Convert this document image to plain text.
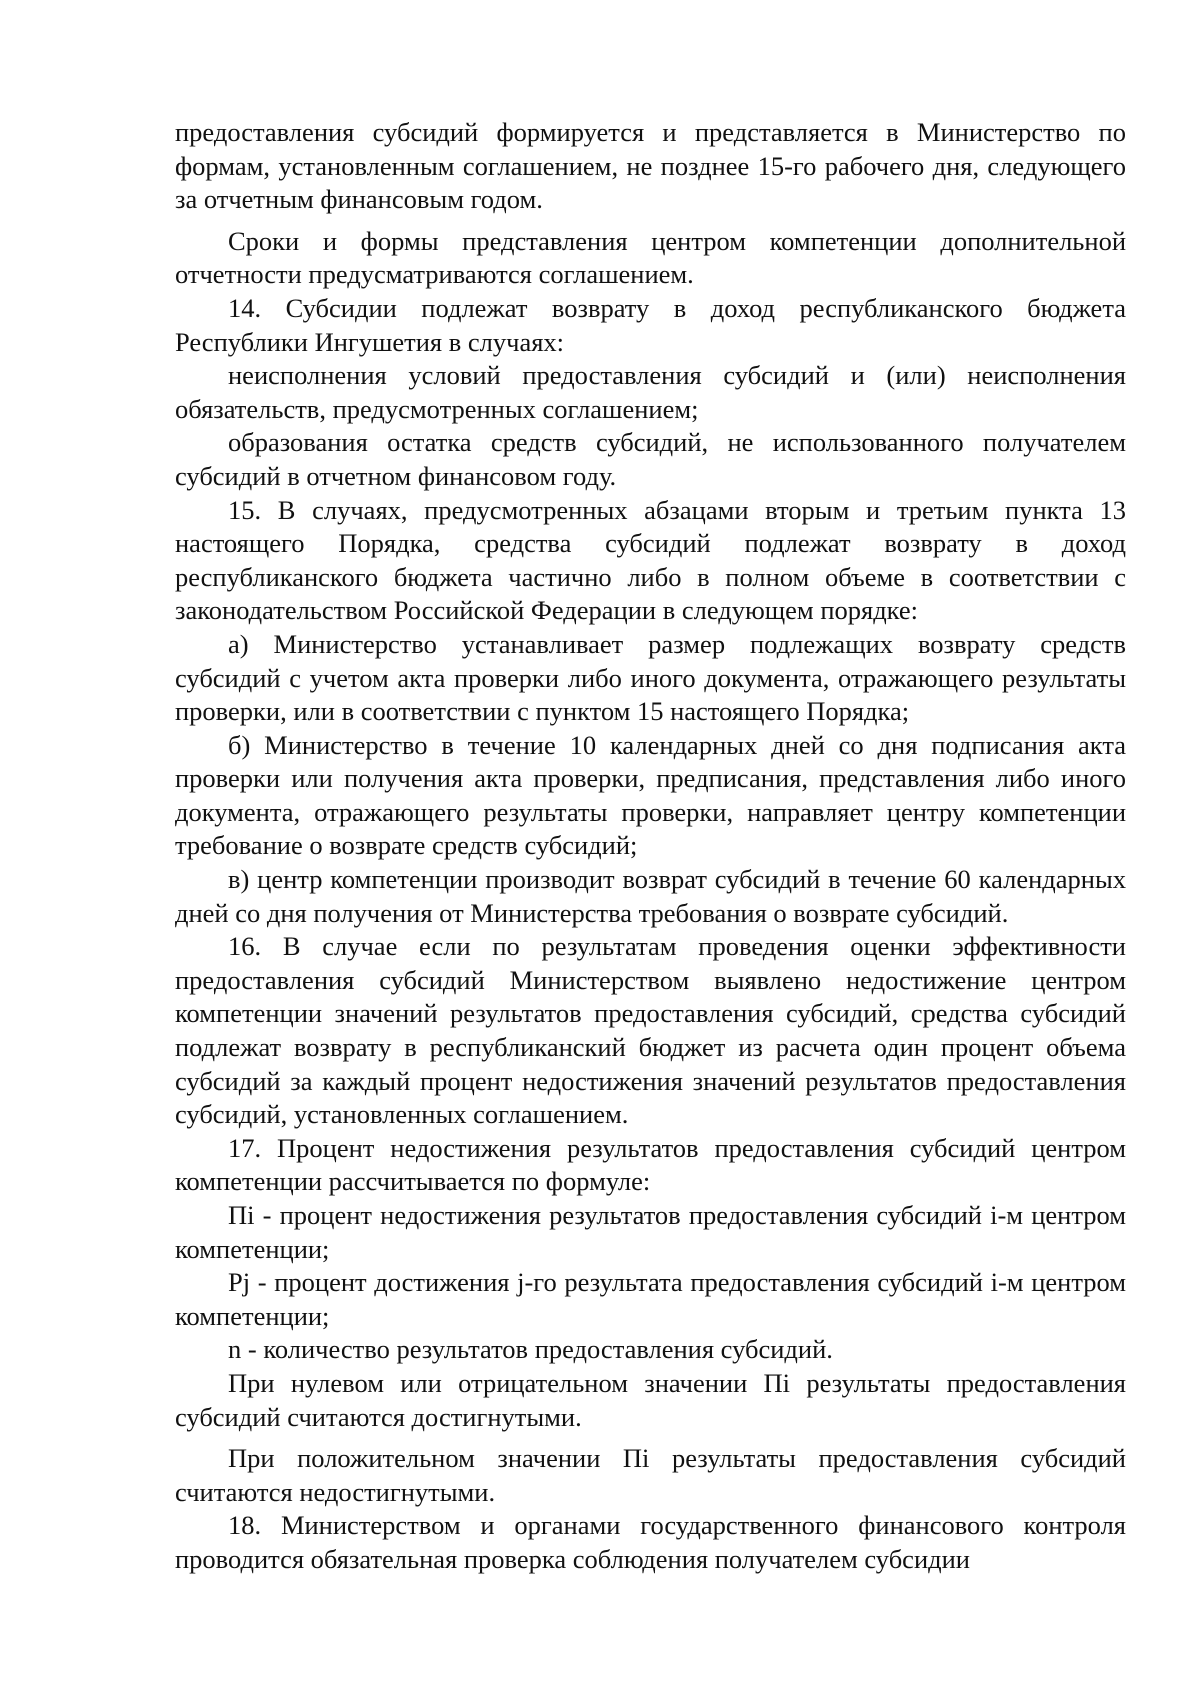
предоставления субсидий формируется и представляется в Министерство по формам, установленным соглашением, не позднее 15-го рабочего дня, следующего за отчетным финансовым годом.

Сроки и формы представления центром компетенции дополнительной отчетности предусматриваются соглашением.

14. Субсидии подлежат возврату в доход республиканского бюджета Республики Ингушетия в случаях:

неисполнения условий предоставления субсидий и (или) неисполнения обязательств, предусмотренных соглашением;

образования остатка средств субсидий, не использованного получателем субсидий в отчетном финансовом году.

15. В случаях, предусмотренных абзацами вторым и третьим пункта 13 настоящего Порядка, средства субсидий подлежат возврату в доход республиканского бюджета частично либо в полном объеме в соответствии с законодательством Российской Федерации в следующем порядке:

а) Министерство устанавливает размер подлежащих возврату средств субсидий с учетом акта проверки либо иного документа, отражающего результаты проверки, или в соответствии с пунктом 15 настоящего Порядка;

б) Министерство в течение 10 календарных дней со дня подписания акта проверки или получения акта проверки, предписания, представления либо иного документа, отражающего результаты проверки, направляет центру компетенции требование о возврате средств субсидий;

в) центр компетенции производит возврат субсидий в течение 60 календарных дней со дня получения от Министерства требования о возврате субсидий.

16. В случае если по результатам проведения оценки эффективности предоставления субсидий Министерством выявлено недостижение центром компетенции значений результатов предоставления субсидий, средства субсидий подлежат возврату в республиканский бюджет из расчета один процент объема субсидий за каждый процент недостижения значений результатов предоставления субсидий, установленных соглашением.

17. Процент недостижения результатов предоставления субсидий центром компетенции рассчитывается по формуле:

Пi - процент недостижения результатов предоставления субсидий i-м центром компетенции;

Pj - процент достижения j-го результата предоставления субсидий i-м центром компетенции;

n - количество результатов предоставления субсидий.

При нулевом или отрицательном значении Пi результаты предоставления субсидий считаются достигнутыми.

При положительном значении Пi результаты предоставления субсидий считаются недостигнутыми.

18. Министерством и органами государственного финансового контроля проводится обязательная проверка соблюдения получателем субсидии
